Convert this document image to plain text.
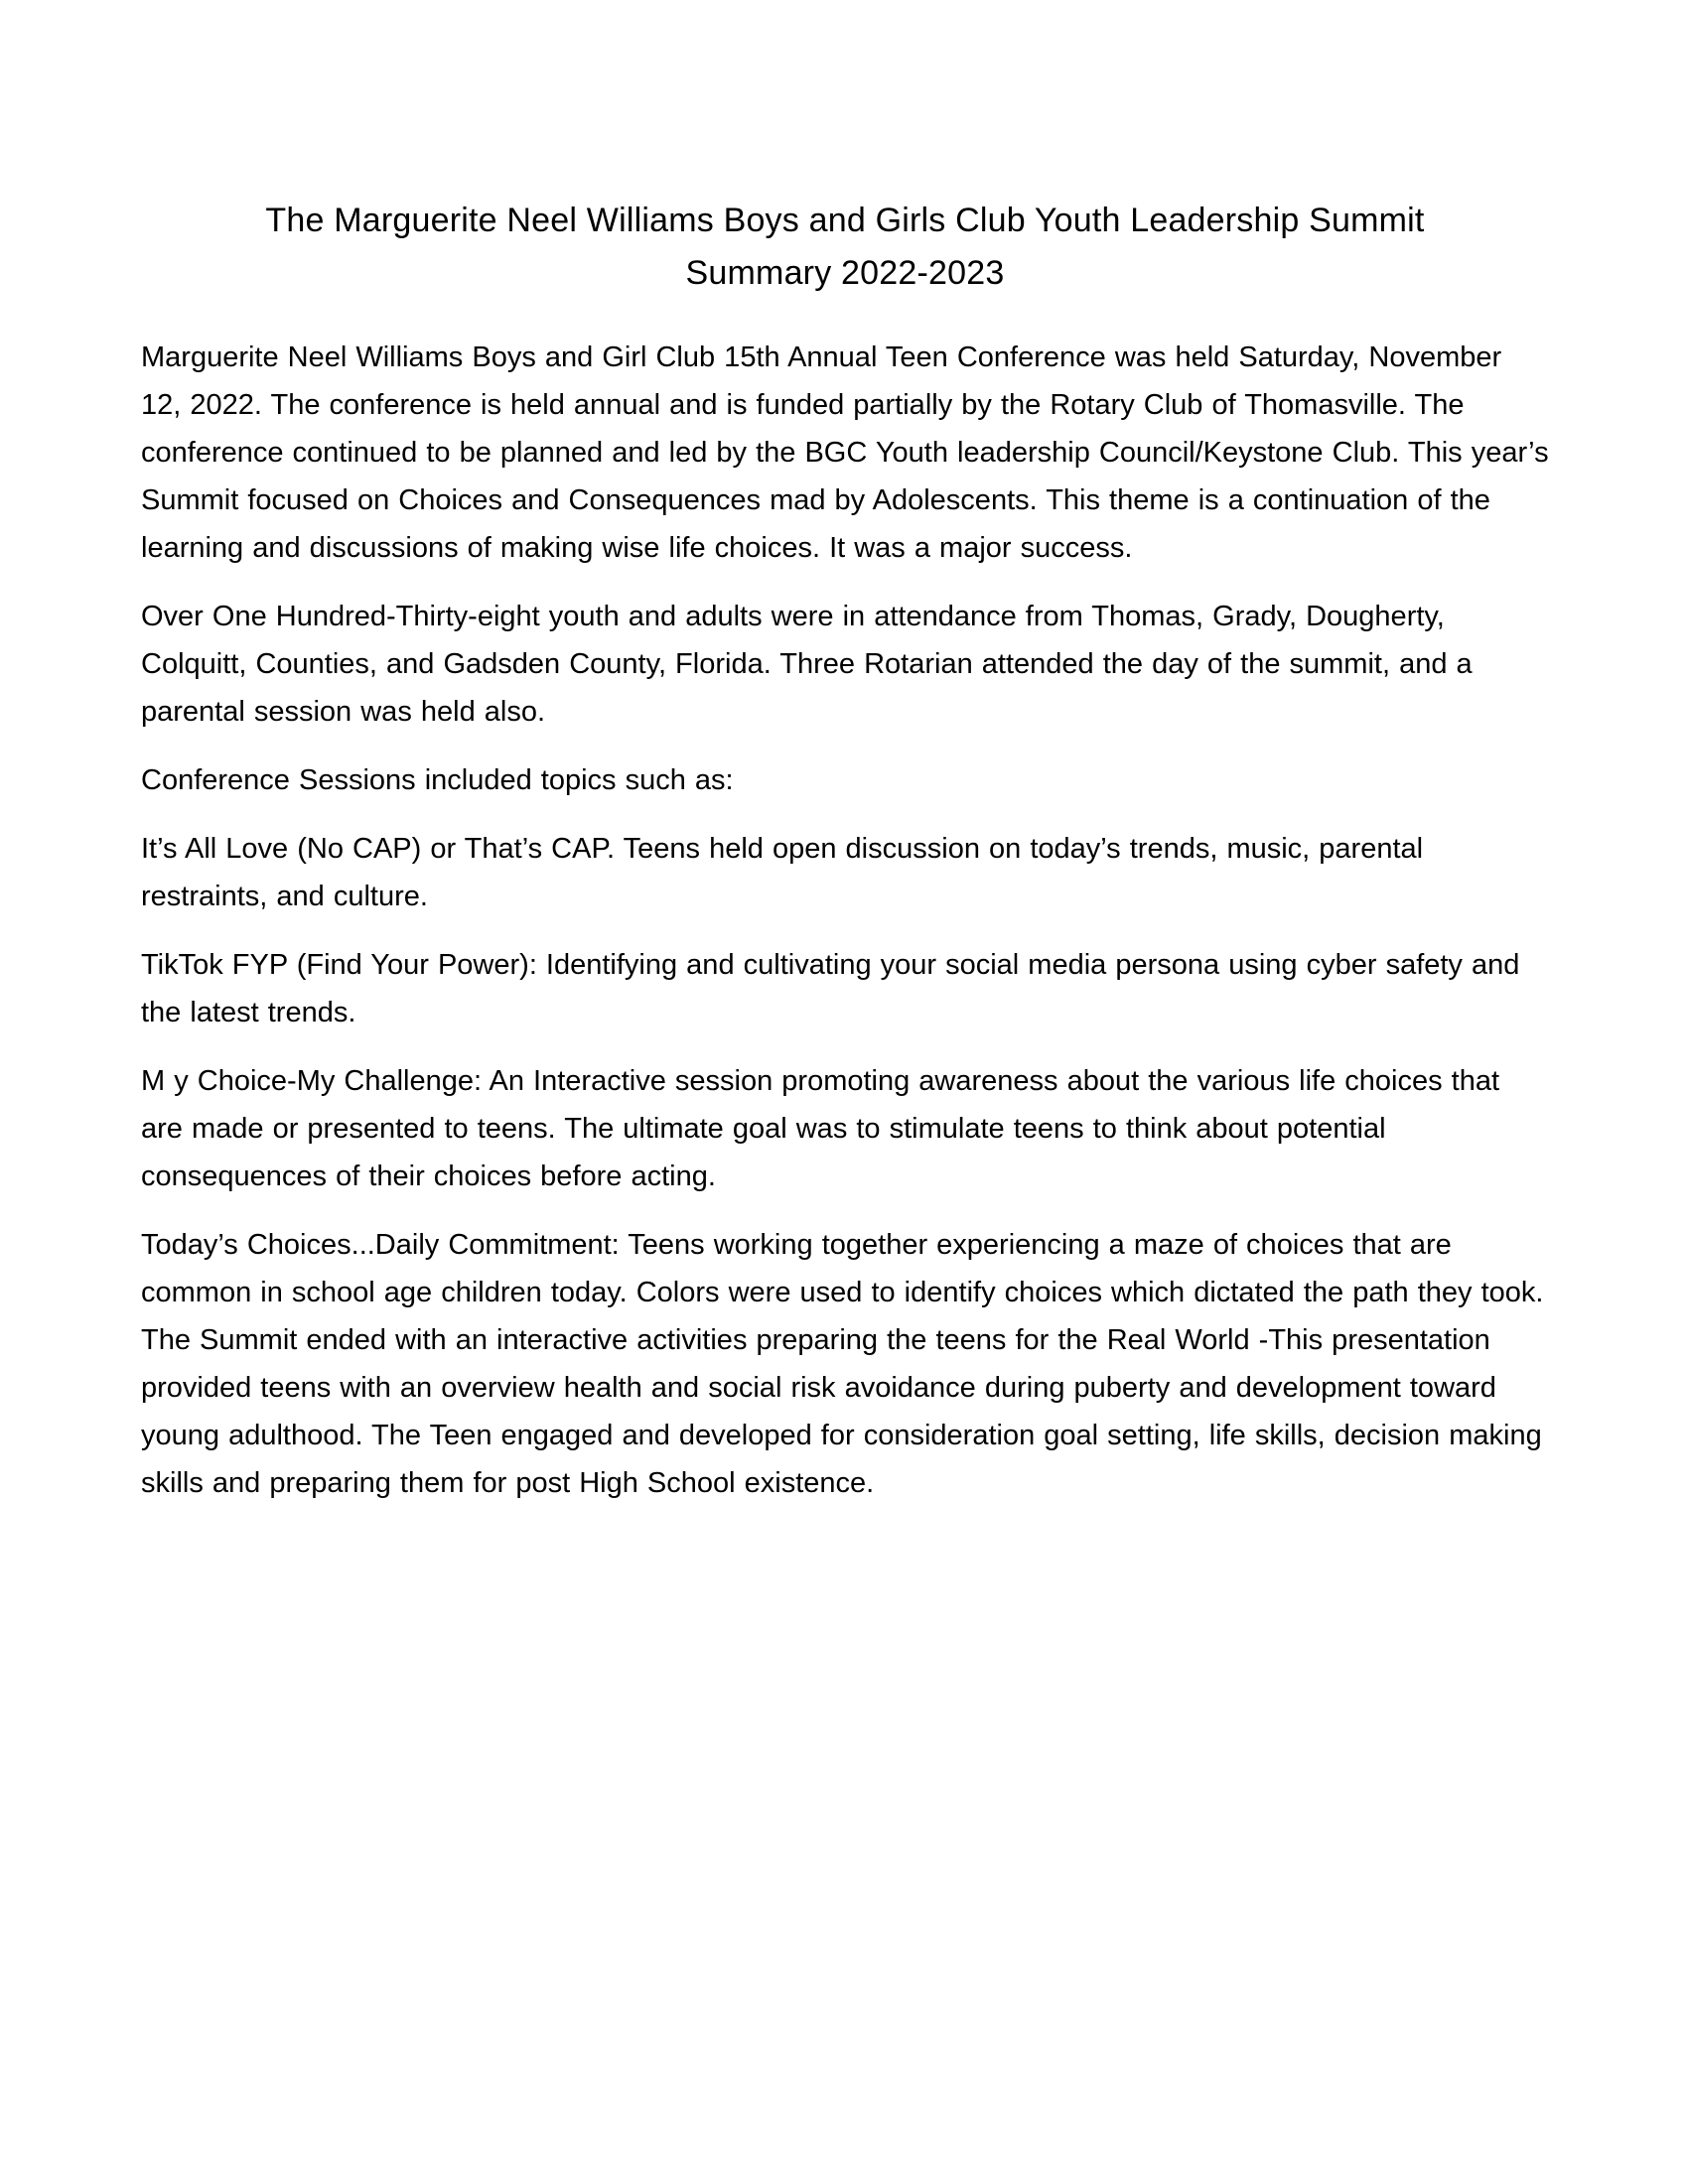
The Marguerite Neel Williams Boys and Girls Club Youth Leadership Summit
Summary 2022-2023

Marguerite Neel Williams Boys and Girl Club 15th Annual Teen Conference was held Saturday, November 12, 2022. The conference is held annual and is funded partially by the Rotary Club of Thomasville. The conference continued to be planned and led by the BGC Youth leadership Council/Keystone Club. This year’s Summit focused on Choices and Consequences mad by Adolescents. This theme is a continuation of the learning and discussions of making wise life choices. It was a major success.

Over One Hundred-Thirty-eight youth and adults were in attendance from Thomas, Grady, Dougherty, Colquitt, Counties, and Gadsden County, Florida. Three Rotarian attended the day of the summit, and a parental session was held also.

Conference Sessions included topics such as:

It’s All Love (No CAP) or That’s CAP. Teens held open discussion on today’s trends, music, parental restraints, and culture.

TikTok FYP (Find Your Power): Identifying and cultivating your social media persona using cyber safety and the latest trends.

M y Choice-My Challenge: An Interactive session promoting awareness about the various life choices that are made or presented to teens. The ultimate goal was to stimulate teens to think about potential consequences of their choices before acting.

Today’s Choices...Daily Commitment: Teens working together experiencing a maze of choices that are common in school age children today. Colors were used to identify choices which dictated the path they took. The Summit ended with an interactive activities preparing the teens for the Real World -This presentation provided teens with an overview health and social risk avoidance during puberty and development toward young adulthood. The Teen engaged and developed for consideration goal setting, life skills, decision making skills and preparing them for post High School existence.
